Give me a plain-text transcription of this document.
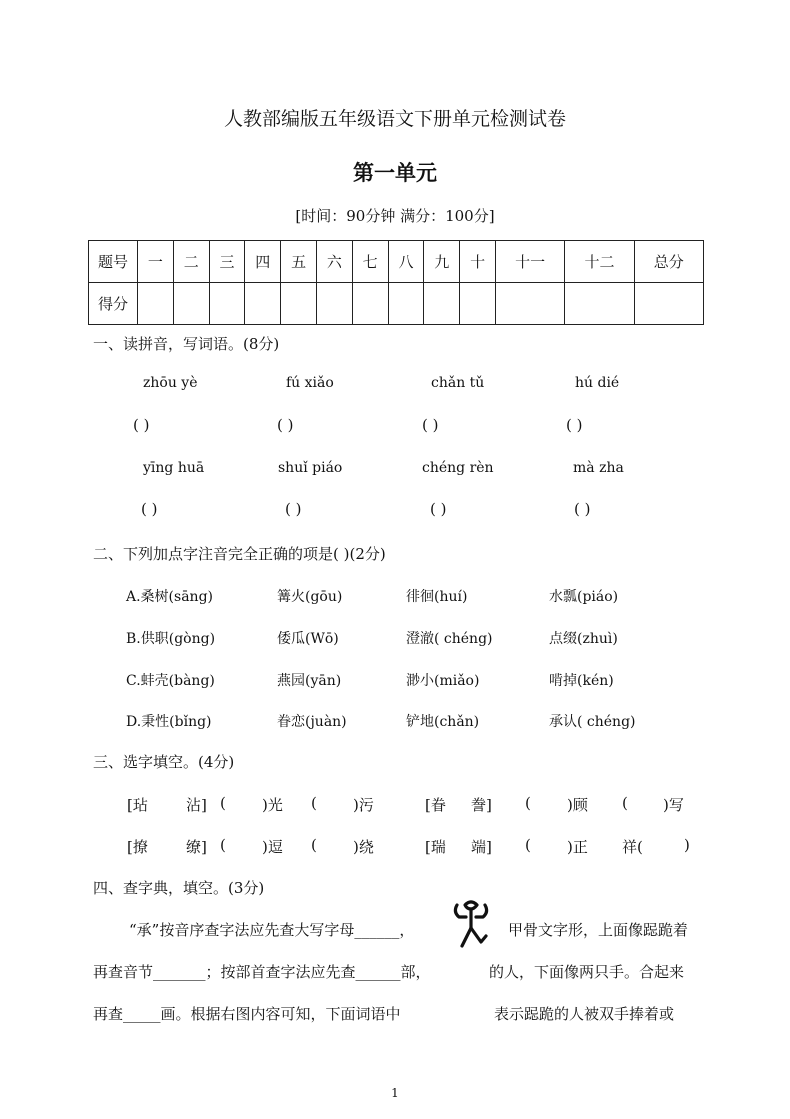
人教部编版五年级语文下册单元检测试卷
第一单元
[时间：90分钟 满分：100分]
题号	一	二	三	四	五	六	七	八	九	十	十一	十二	总分
得分													
一、读拼音，写词语。(8分)
zhōu yè	fú xiǎo	chǎn tǔ	hú dié
( )	( )	( )	( )
yīng huā	shuǐ piáo	chéng rèn	mà zha
( )	( )	( )	( )
二、下列加点字注音完全正确的项是( )(2分)
A.桑树(sāng)	篝火(gōu)	徘徊(huí)	水瓢(piáo)
B.供职(gòng)	倭瓜(Wō)	澄澈( chéng)	点缀(zhuì)
C.蚌壳(bàng)	燕园(yān)	渺小(miǎo)	啃掉(kén)
D.秉性(bǐng)	眷恋(juàn)	铲地(chǎn)	承认( chéng)
三、选字填空。(4分)
[玷	沾] ( )光 ( )污	[眷 誊] ( )顾 ( )写
[撩	缭] ( )逗 ( )绕	[瑞 端] ( )正 祥(	)
四、查字典，填空。(3分)
“承”按音序查字法应先查大写字母______，	甲骨文字形，上面像跽跪着
再查音节_______；按部首查字法应先查______部，	的人，下面像两只手。合起来
再查_____画。根据右图内容可知，下面词语中	表示跽跪的人被双手捧着或
1
